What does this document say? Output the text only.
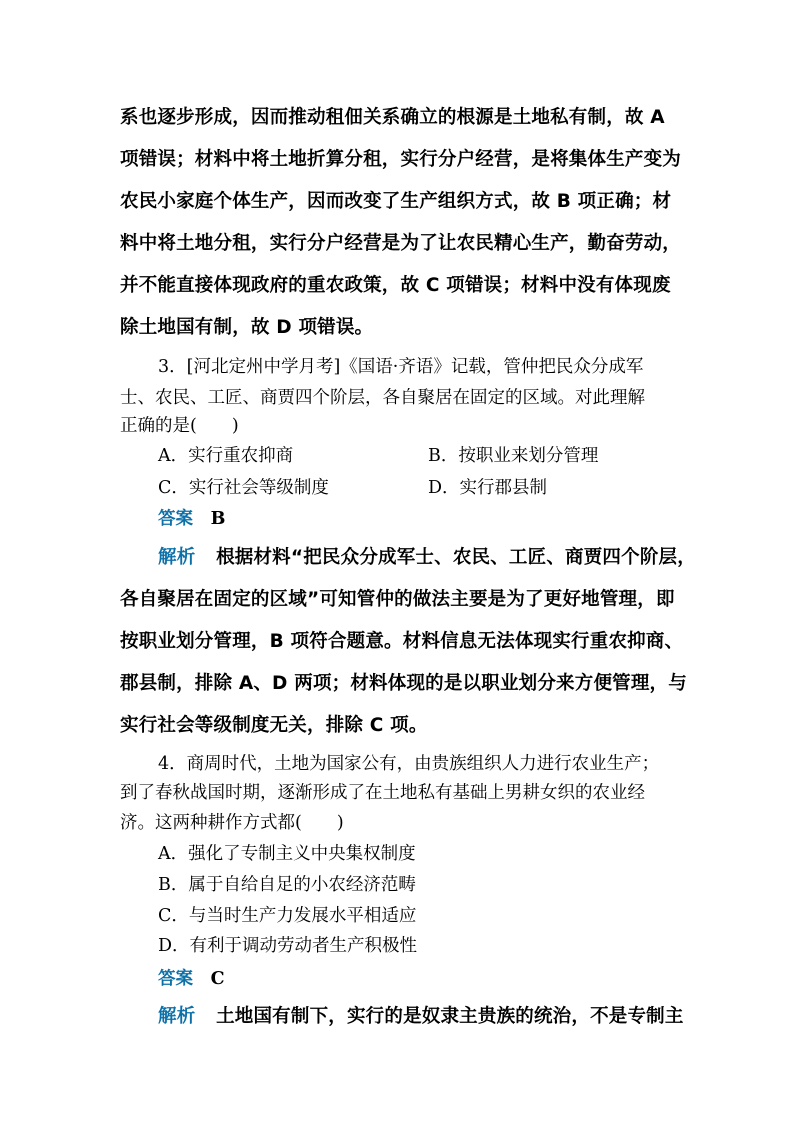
系也逐步形成，因而推动租佃关系确立的根源是土地私有制，故 A
项错误；材料中将土地折算分租，实行分户经营，是将集体生产变为
农民小家庭个体生产，因而改变了生产组织方式，故 B 项正确；材
料中将土地分租，实行分户经营是为了让农民精心生产，勤奋劳动，
并不能直接体现政府的重农政策，故 C 项错误；材料中没有体现废
除土地国有制，故 D 项错误。
3．[河北定州中学月考]《国语·齐语》记载，管仲把民众分成军
士、农民、工匠、商贾四个阶层，各自聚居在固定的区域。对此理解
正确的是(　　)
A．实行重农抑商	B．按职业来划分管理
C．实行社会等级制度	D．实行郡县制
答案 B
解析 根据材料“把民众分成军士、农民、工匠、商贾四个阶层，
各自聚居在固定的区域”可知管仲的做法主要是为了更好地管理，即
按职业划分管理，B 项符合题意。材料信息无法体现实行重农抑商、
郡县制，排除 A、D 两项；材料体现的是以职业划分来方便管理，与
实行社会等级制度无关，排除 C 项。
4．商周时代，土地为国家公有，由贵族组织人力进行农业生产；
到了春秋战国时期，逐渐形成了在土地私有基础上男耕女织的农业经
济。这两种耕作方式都(　　)
A．强化了专制主义中央集权制度
B．属于自给自足的小农经济范畴
C．与当时生产力发展水平相适应
D．有利于调动劳动者生产积极性
答案 C
解析 土地国有制下，实行的是奴隶主贵族的统治，不是专制主
